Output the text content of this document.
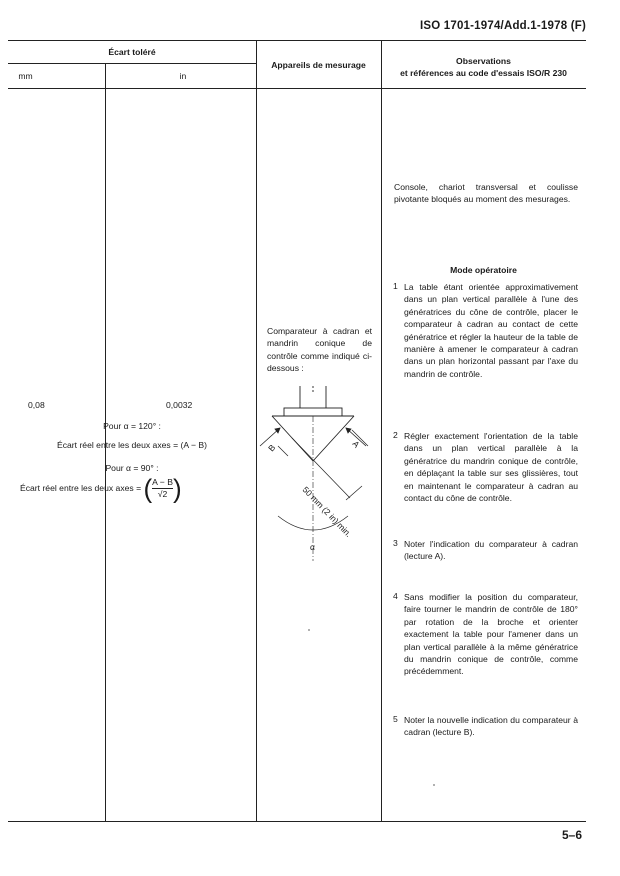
ISO 1701-1974/Add.1-1978 (F)
Écart toléré
mm	in
Appareils de mesurage	Observations
et références au code d'essais ISO/R 230
0,08	0,0032
Pour α = 120° :
Écart réel entre les deux axes = (A − B)
Pour α = 90° :
Écart réel entre les deux axes = ( $\frac{A - B}{√2}$ )
Comparateur à cadran et mandrin conique de contrôle comme indiqué ci-dessous :
B	A
50 mm (2 in) min.
α
Console, chariot transversal et coulisse pivotante bloqués au moment des mesurages.
Mode opératoire
1 La table étant orientée approximativement dans un plan vertical parallèle à l'une des génératrices du cône de contrôle, placer le comparateur à cadran au contact de cette génératrice et régler la hauteur de la table de manière à amener le comparateur à cadran dans un plan horizontal passant par l'axe du mandrin de contrôle.
2 Régler exactement l'orientation de la table dans un plan vertical parallèle à la génératrice du mandrin conique de contrôle, en déplaçant la table sur ses glissières, tout en maintenant le comparateur à cadran au contact du cône de contrôle.
3 Noter l'indication du comparateur à cadran (lecture A).
4 Sans modifier la position du comparateur, faire tourner le mandrin de contrôle de 180° par rotation de la broche et orienter exactement la table pour l'amener dans un plan vertical parallèle à la même génératrice du mandrin conique de contrôle, comme précédemment.
5 Noter la nouvelle indication du comparateur à cadran (lecture B).
5–6
